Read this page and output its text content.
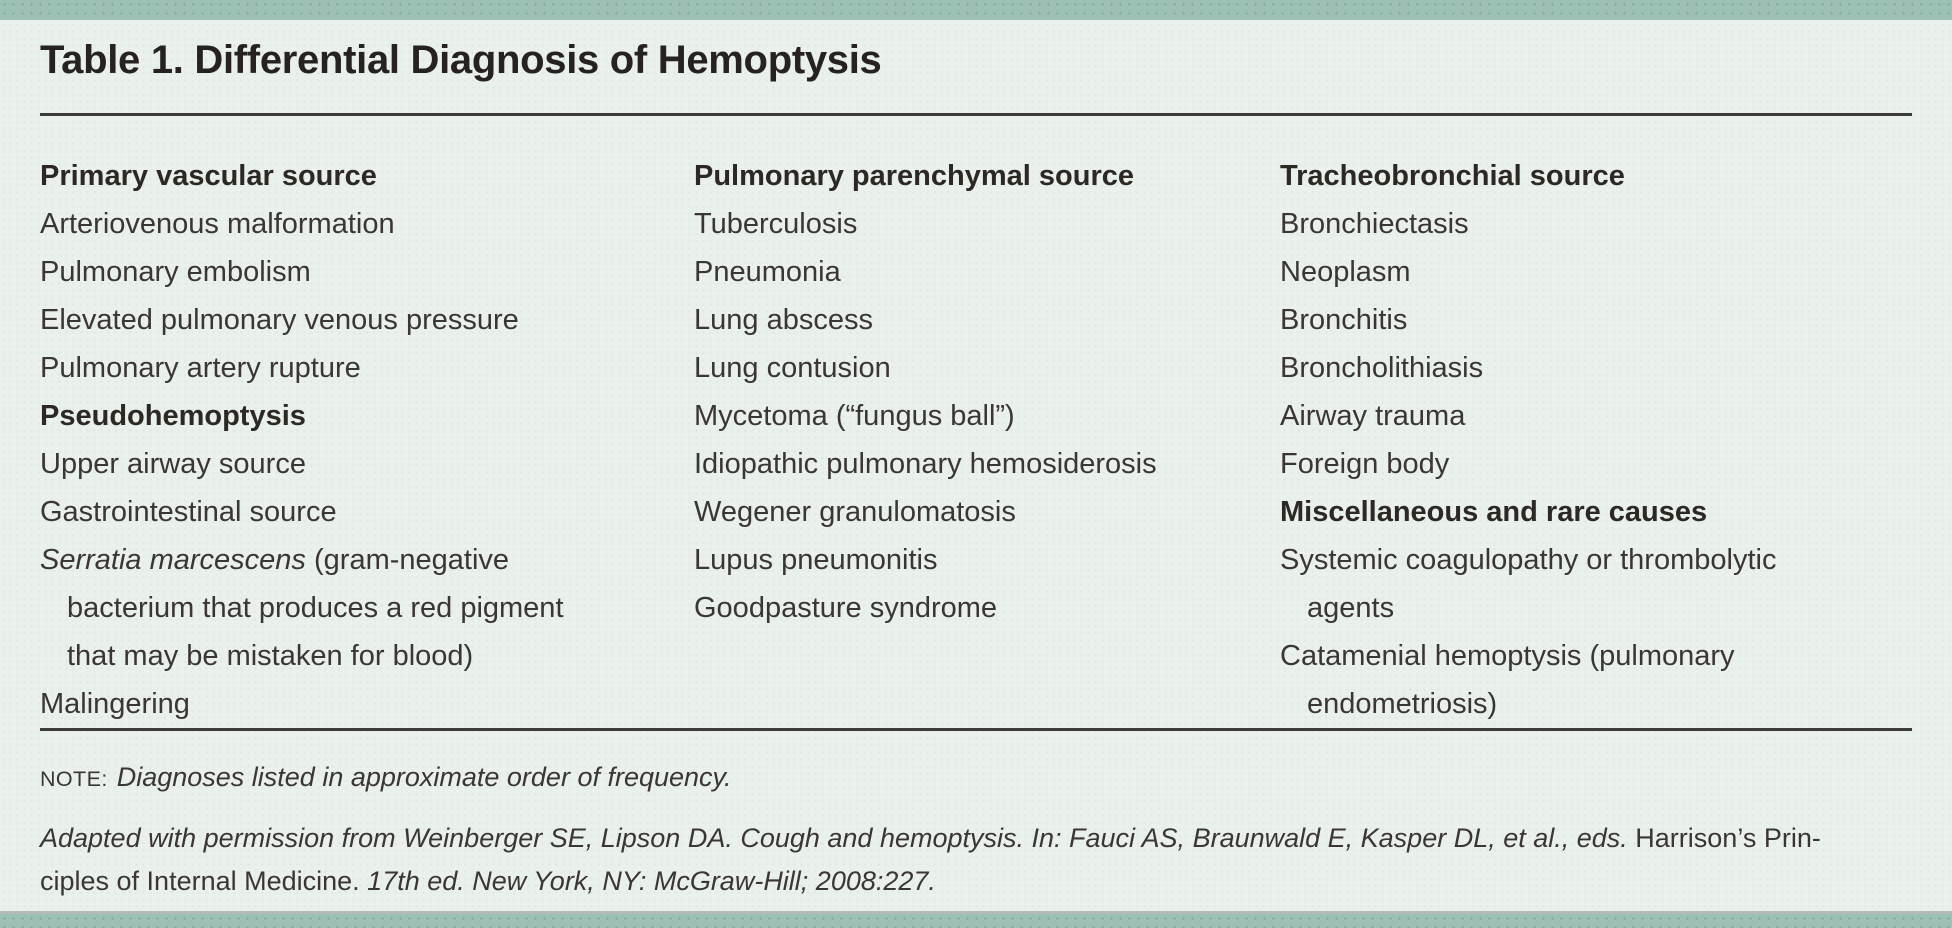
Table 1. Differential Diagnosis of Hemoptysis
Primary vascular source
Arteriovenous malformation
Pulmonary embolism
Elevated pulmonary venous pressure
Pulmonary artery rupture
Pseudohemoptysis
Upper airway source
Gastrointestinal source
Serratia marcescens (gram-negative
bacterium that produces a red pigment
that may be mistaken for blood)
Malingering
Pulmonary parenchymal source
Tuberculosis
Pneumonia
Lung abscess
Lung contusion
Mycetoma (“fungus ball”)
Idiopathic pulmonary hemosiderosis
Wegener granulomatosis
Lupus pneumonitis
Goodpasture syndrome
Tracheobronchial source
Bronchiectasis
Neoplasm
Bronchitis
Broncholithiasis
Airway trauma
Foreign body
Miscellaneous and rare causes
Systemic coagulopathy or thrombolytic
agents
Catamenial hemoptysis (pulmonary
endometriosis)

NOTE: Diagnoses listed in approximate order of frequency.

Adapted with permission from Weinberger SE, Lipson DA. Cough and hemoptysis. In: Fauci AS, Braunwald E, Kasper DL, et al., eds. Harrison’s Prin-
ciples of Internal Medicine. 17th ed. New York, NY: McGraw-Hill; 2008:227.
